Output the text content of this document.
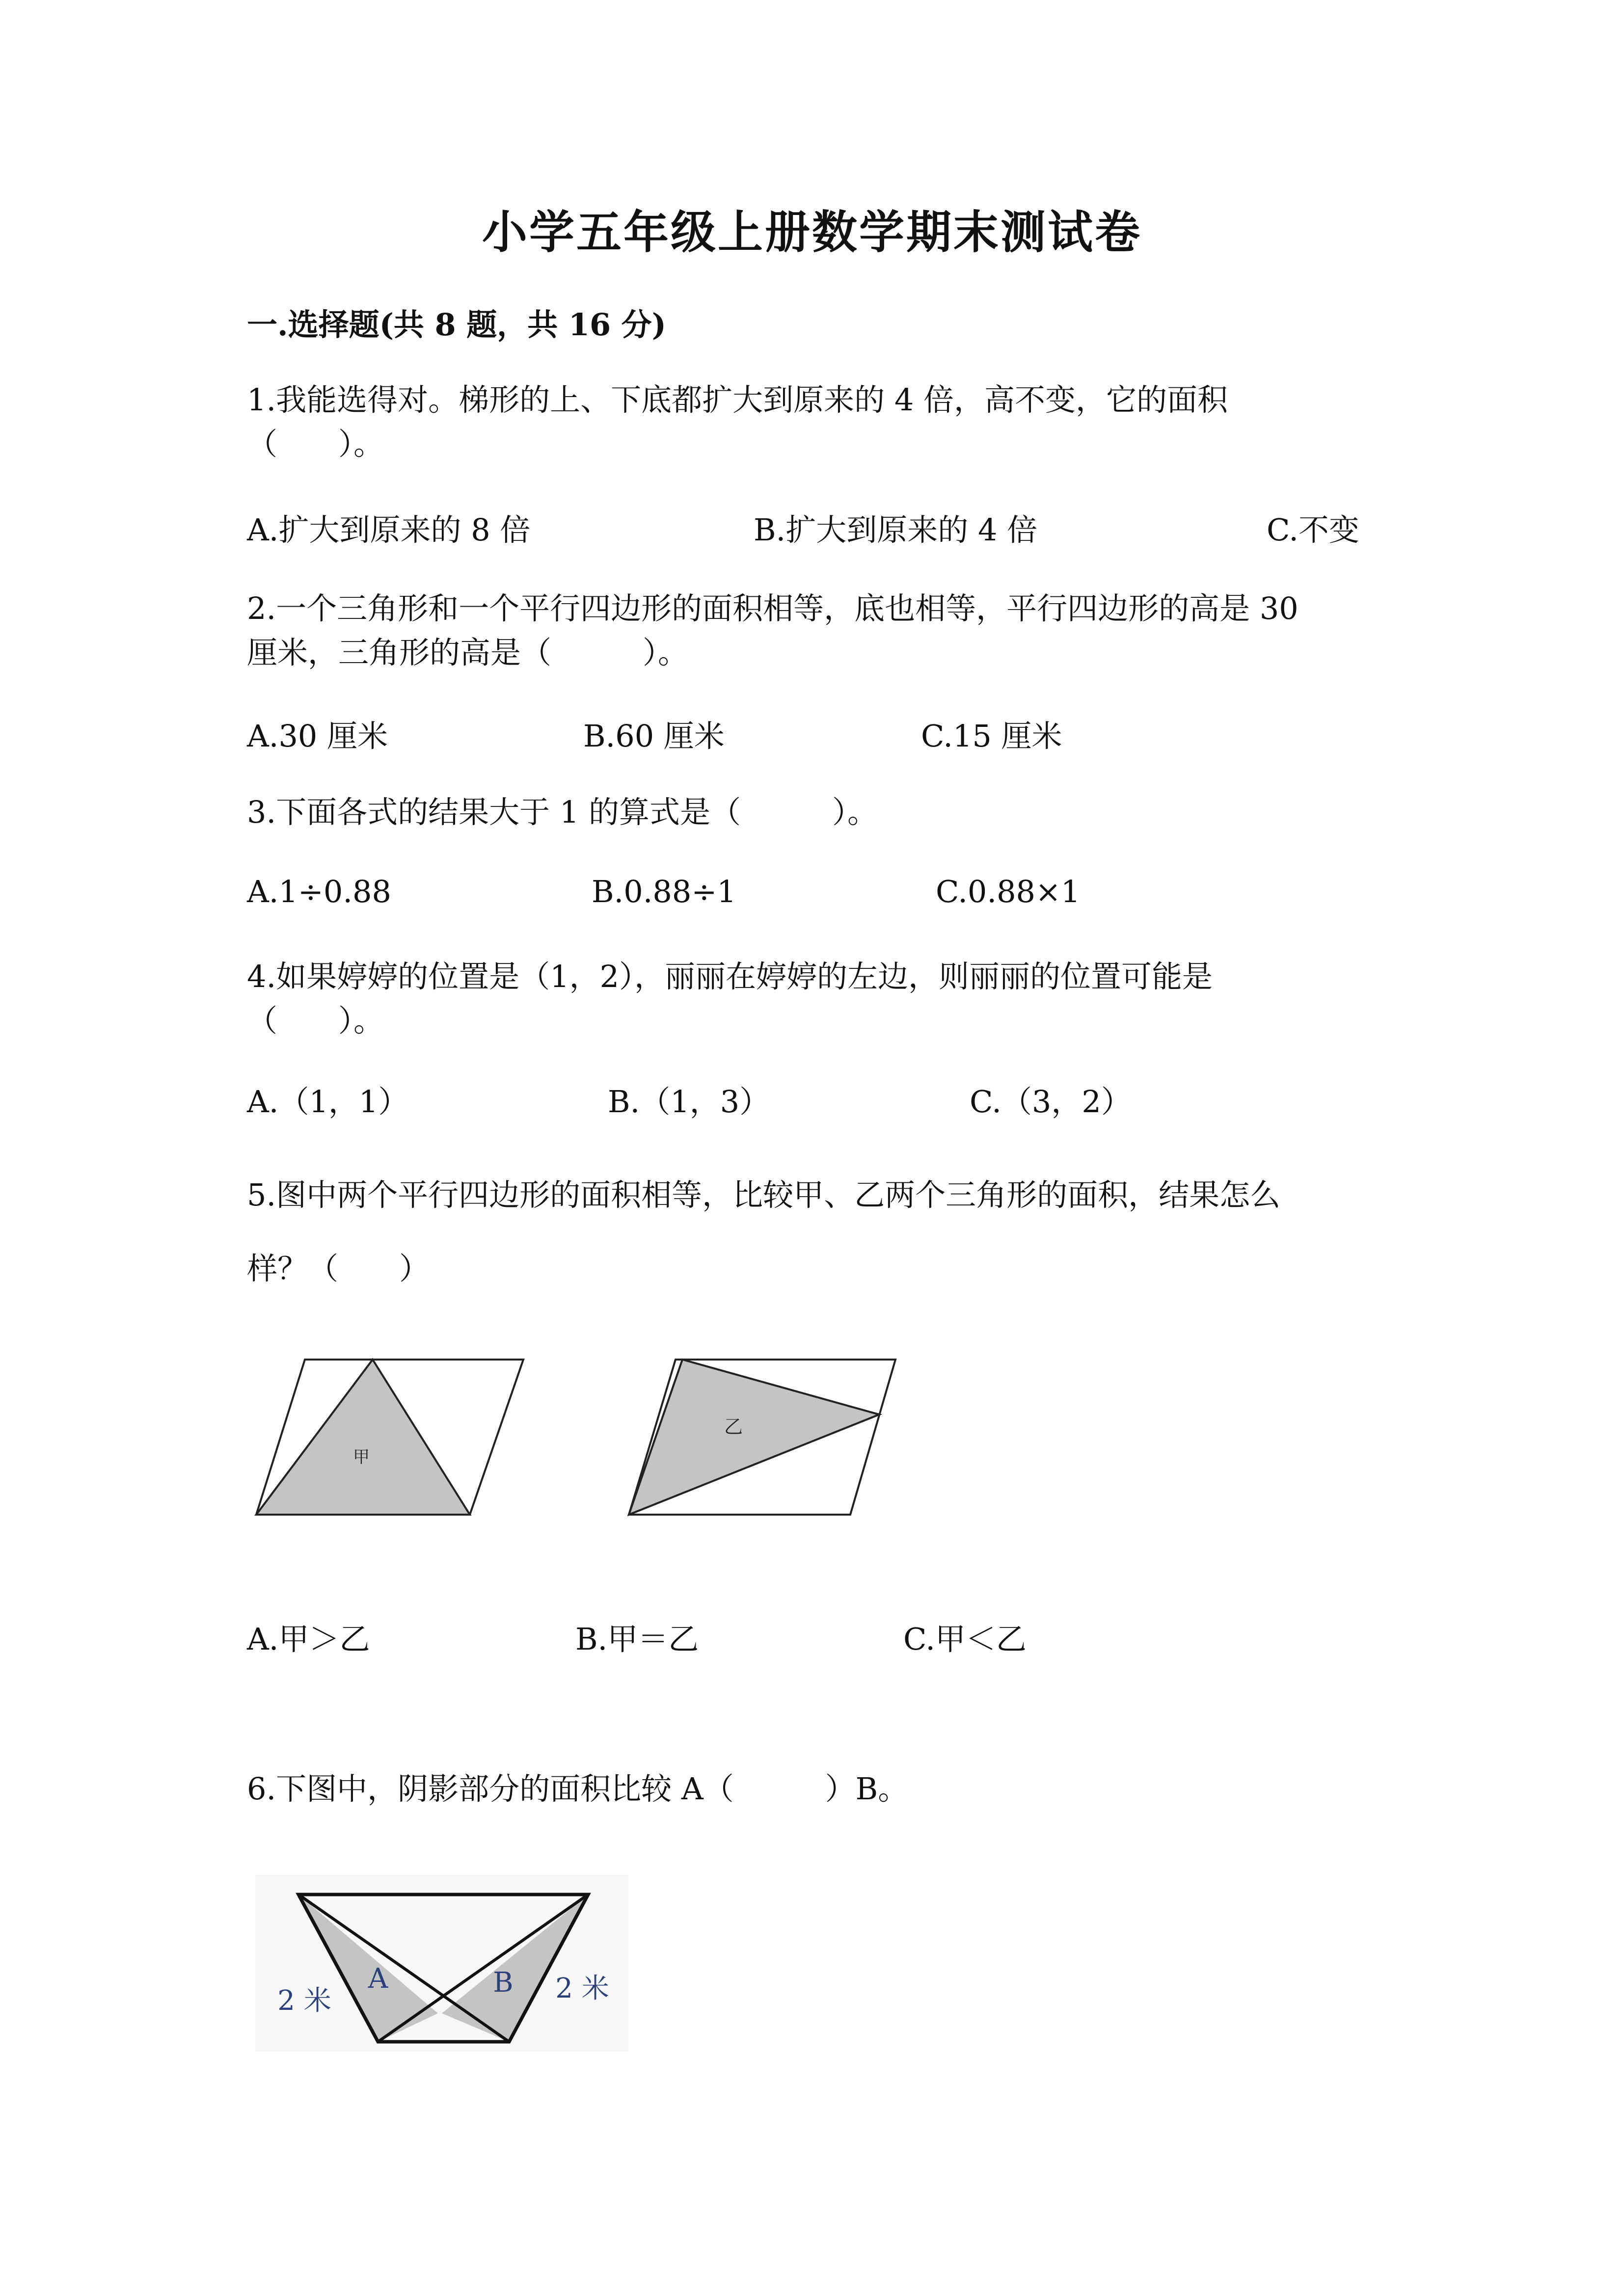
小学五年级上册数学期末测试卷
一.选择题(共 8 题，共 16 分)
1.我能选得对。梯形的上、下底都扩大到原来的 4 倍，高不变，它的面积
（　　）。
A.扩大到原来的 8 倍	B.扩大到原来的 4 倍	C.不变
2.一个三角形和一个平行四边形的面积相等，底也相等，平行四边形的高是 30
厘米，三角形的高是（　　　）。
A.30 厘米	B.60 厘米	C.15 厘米
3.下面各式的结果大于 1 的算式是（　　　）。
A.1÷0.88	B.0.88÷1	C.0.88×1
4.如果婷婷的位置是（1，2），丽丽在婷婷的左边，则丽丽的位置可能是
（　　）。
A.（1，1）	B.（1，3）	C.（3，2）
5.图中两个平行四边形的面积相等，比较甲、乙两个三角形的面积，结果怎么
样？（　　）
甲
乙
A.甲＞乙	B.甲＝乙	C.甲＜乙
6.下图中，阴影部分的面积比较 A（　　　）B。
A	B
2 米	2 米
